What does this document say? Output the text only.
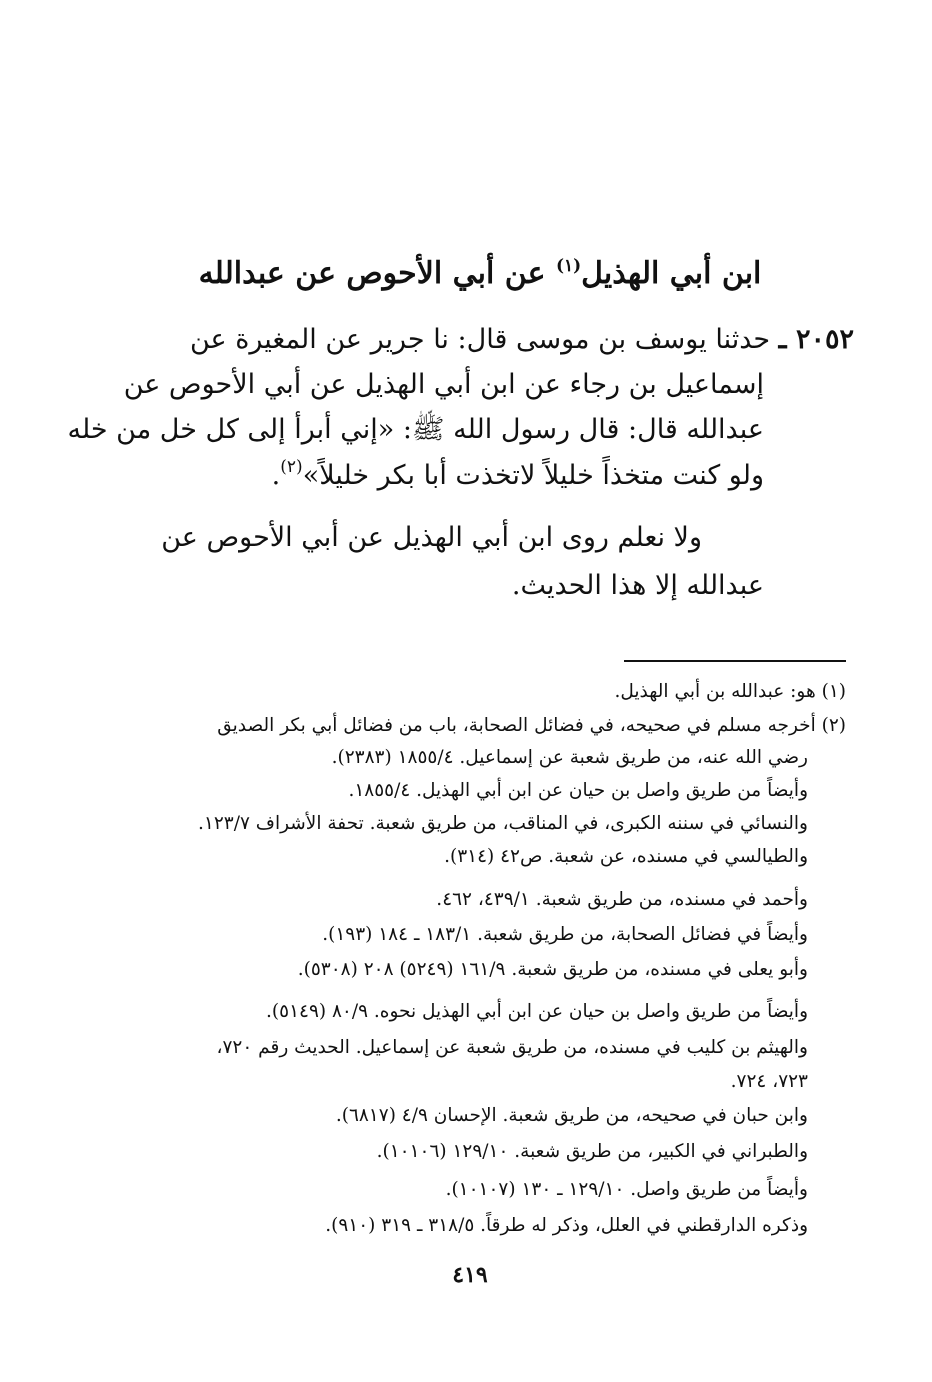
ابن أبي الهذيل$^{(١)}$ عن أبي الأحوص عن عبدالله
٢٠٥٢ ـ حدثنا يوسف بن موسى قال: نا جرير عن المغيرة عن
إسماعيل بن رجاء عن ابن أبي الهذيل عن أبي الأحوص عن
عبدالله قال: قال رسول الله ﷺ: «إني أبرأ إلى كل خل من خله
ولو كنت متخذاً خليلاً لاتخذت أبا بكر خليلاً»$^{(٢)}$.
ولا نعلم روى ابن أبي الهذيل عن أبي الأحوص عن
عبدالله إلا هذا الحديث.
(١) هو: عبدالله بن أبي الهذيل.
(٢) أخرجه مسلم في صحيحه، في فضائل الصحابة، باب من فضائل أبي بكر الصديق
رضي الله عنه، من طريق شعبة عن إسماعيل. ١٨٥٥/٤ (٢٣٨٣).
وأيضاً من طريق واصل بن حيان عن ابن أبي الهذيل. ١٨٥٥/٤.
والنسائي في سننه الكبرى، في المناقب، من طريق شعبة. تحفة الأشراف ١٢٣/٧.
والطيالسي في مسنده، عن شعبة. ص٤٢ (٣١٤).
وأحمد في مسنده، من طريق شعبة. ٤٣٩/١، ٤٦٢.
وأيضاً في فضائل الصحابة، من طريق شعبة. ١٨٣/١ ـ ١٨٤ (١٩٣).
وأبو يعلى في مسنده، من طريق شعبة. ١٦١/٩ (٥٢٤٩) ٢٠٨ (٥٣٠٨).
وأيضاً من طريق واصل بن حيان عن ابن أبي الهذيل نحوه. ٨٠/٩ (٥١٤٩).
والهيثم بن كليب في مسنده، من طريق شعبة عن إسماعيل. الحديث رقم ٧٢٠،
٧٢٣، ٧٢٤.
وابن حبان في صحيحه، من طريق شعبة. الإحسان ٤/٩ (٦٨١٧).
والطبراني في الكبير، من طريق شعبة. ١٢٩/١٠ (١٠١٠٦).
وأيضاً من طريق واصل. ١٢٩/١٠ ـ ١٣٠ (١٠١٠٧).
وذكره الدارقطني في العلل، وذكر له طرقاً. ٣١٨/٥ ـ ٣١٩ (٩١٠).
٤١٩
